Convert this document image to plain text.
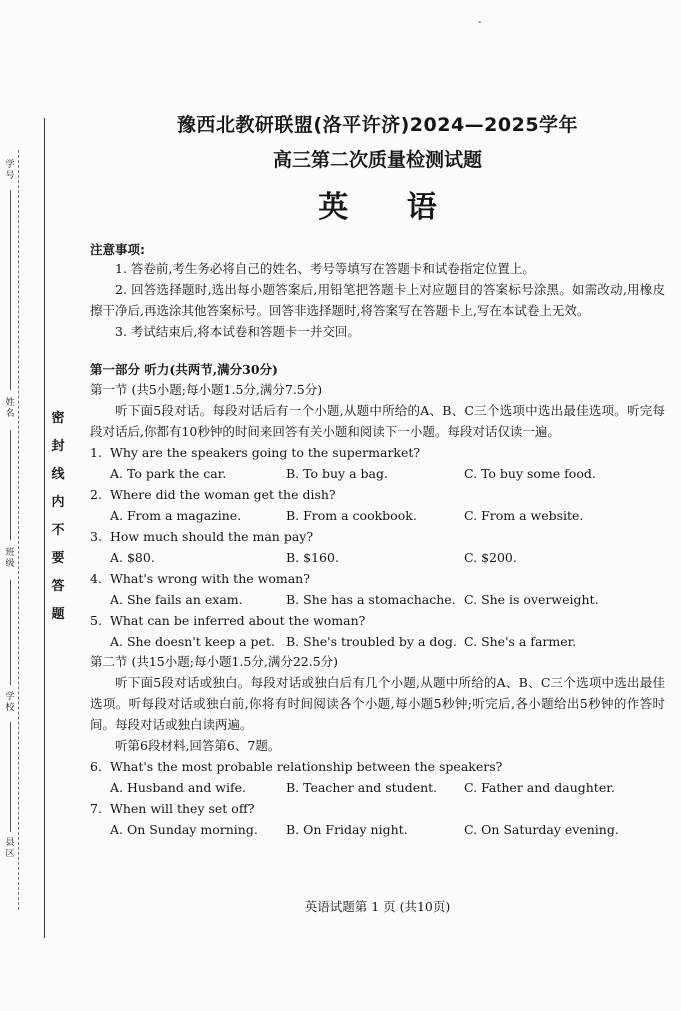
-
密
封
线
内
不
要
答
题
学号
姓名
班级
学校
县区
豫西北教研联盟(洛平许济)2024—2025学年
高三第二次质量检测试题
英 语
注意事项:
1. 答卷前,考生务必将自己的姓名、考号等填写在答题卡和试卷指定位置上。
2. 回答选择题时,选出每小题答案后,用铅笔把答题卡上对应题目的答案标号涂黑。如需改动,用橡皮擦干净后,再选涂其他答案标号。回答非选择题时,将答案写在答题卡上,写在本试卷上无效。
3. 考试结束后,将本试卷和答题卡一并交回。
第一部分 听力(共两节,满分30分)
第一节 (共5小题;每小题1.5分,满分7.5分)
听下面5段对话。每段对话后有一个小题,从题中所给的A、B、C三个选项中选出最佳选项。听完每段对话后,你都有10秒钟的时间来回答有关小题和阅读下一小题。每段对话仅读一遍。
1. Why are the speakers going to the supermarket?
A. To park the car.	B. To buy a bag.	C. To buy some food.
2. Where did the woman get the dish?
A. From a magazine.	B. From a cookbook.	C. From a website.
3. How much should the man pay?
A. $80.	B. $160.	C. $200.
4. What's wrong with the woman?
A. She fails an exam.	B. She has a stomachache. C. She is overweight.
5. What can be inferred about the woman?
A. She doesn't keep a pet. B. She's troubled by a dog. C. She's a farmer.
第二节 (共15小题;每小题1.5分,满分22.5分)
听下面5段对话或独白。每段对话或独白后有几个小题,从题中所给的A、B、C三个选项中选出最佳选项。听每段对话或独白前,你将有时间阅读各个小题,每小题5秒钟;听完后,各小题给出5秒钟的作答时间。每段对话或独白读两遍。
听第6段材料,回答第6、7题。
6. What's the most probable relationship between the speakers?
A. Husband and wife.	B. Teacher and student.	C. Father and daughter.
7. When will they set off?
A. On Sunday morning.	B. On Friday night.	C. On Saturday evening.
英语试题第 1 页 (共10页)
